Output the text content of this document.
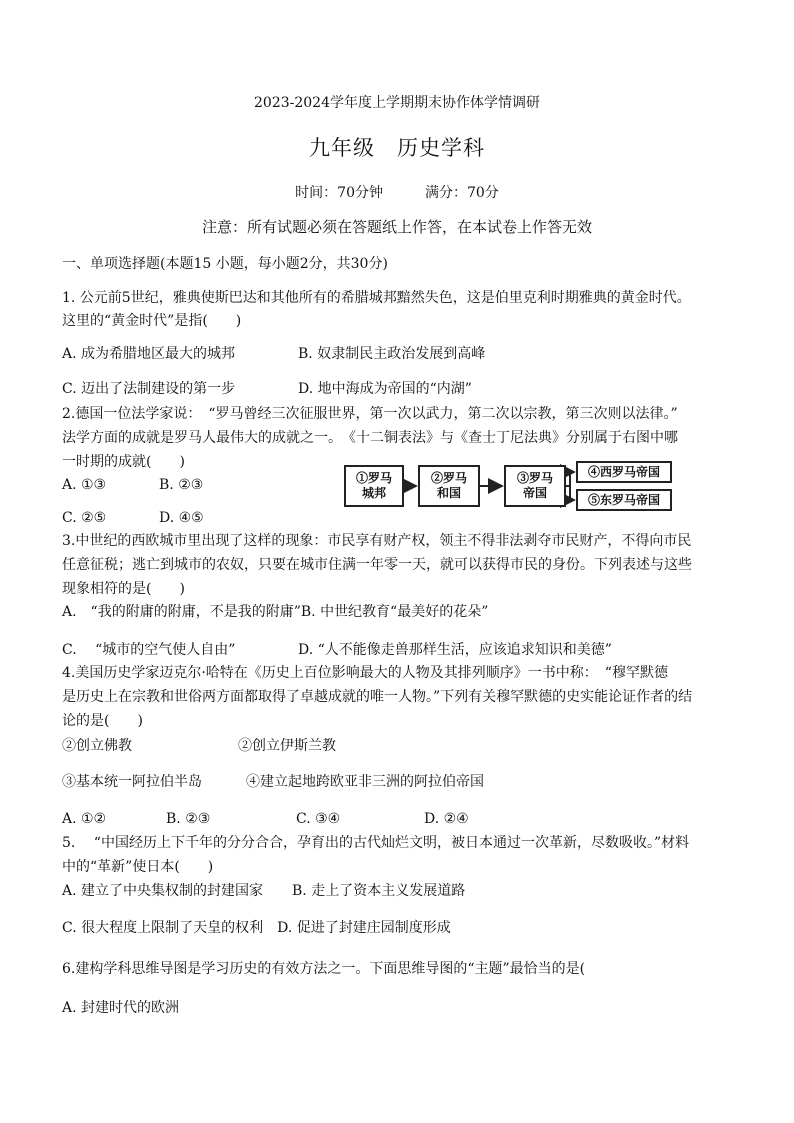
2023-2024学年度上学期期末协作体学情调研
九年级　历史学科
时间：70分钟　　　满分：70分
注意：所有试题必须在答题纸上作答，在本试卷上作答无效
一、单项选择题(本题15 小题，每小题2分，共30分)
1. 公元前5世纪，雅典使斯巴达和其他所有的希腊城邦黯然失色，这是伯里克利时期雅典的黄金时代。
这里的“黄金时代”是指(　　)
A. 成为希腊地区最大的城邦	B. 奴隶制民主政治发展到高峰
C. 迈出了法制建设的第一步	D. 地中海成为帝国的“内湖”
2.德国一位法学家说：　“罗马曾经三次征服世界，第一次以武力，第二次以宗教，第三次则以法律。”
法学方面的成就是罗马人最伟大的成就之一。　《十二铜表法》与《查士丁尼法典》分别属于右图中哪
一时期的成就(　　)
A. ①③	B. ②③
C. ②⑤	D. ④⑤
①罗马
城邦
②罗马
和国
③罗马
帝国
④西罗马帝国
⑤东罗马帝国
3.中世纪的西欧城市里出现了这样的现象：市民享有财产权，领主不得非法剥夺市民财产，不得向市民
任意征税；逃亡到城市的农奴，只要在城市住满一年零一天，就可以获得市民的身份。下列表述与这些
现象相符的是(　　)
A.　“我的附庸的附庸，不是我的附庸”B. 中世纪教育“最美好的花朵”
C.　 “城市的空气使人自由”	D. “人不能像走兽那样生活，应该追求知识和美德”
4.美国历史学家迈克尔·哈特在《历史上百位影响最大的人物及其排列顺序》一书中称：　“穆罕默德
是历史上在宗教和世俗两方面都取得了卓越成就的唯一人物。”下列有关穆罕默德的史实能论证作者的结
论的是(　　)
②创立佛教	②创立伊斯兰教
③基本统一阿拉伯半岛	④建立起地跨欧亚非三洲的阿拉伯帝国
A. ①②	B. ②③	C. ③④	D. ②④
5.　 “中国经历上下千年的分分合合，孕育出的古代灿烂文明，被日本通过一次革新，尽数吸收。”材料
中的“革新”使日本(　　)
A. 建立了中央集权制的封建国家 B. 走上了资本主义发展道路
C. 很大程度上限制了天皇的权利　D. 促进了封建庄园制度形成
6.建构学科思维导图是学习历史的有效方法之一。下面思维导图的“主题”最恰当的是(
A. 封建时代的欧洲
